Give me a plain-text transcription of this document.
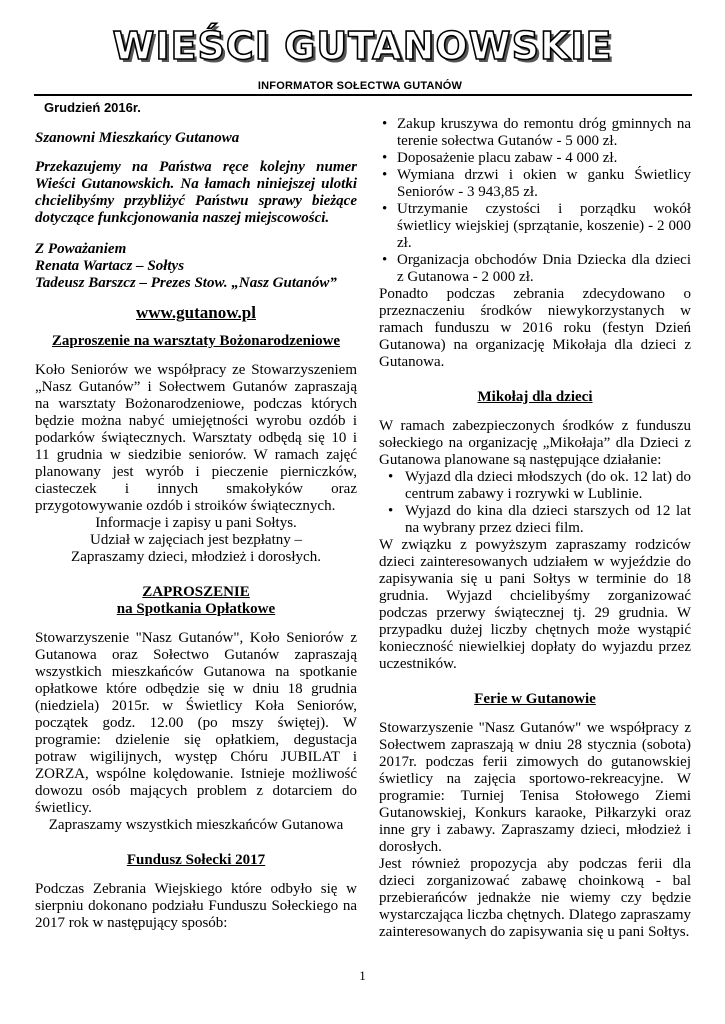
WIEŚCI GUTANOWSKIE
INFORMATOR SOŁECTWA GUTANÓW
Grudzień 2016r.

Szanowni Mieszkańcy Gutanowa

Przekazujemy na Państwa ręce kolejny numer Wieści Gutanowskich. Na łamach niniejszej ulotki chcielibyśmy przybliżyć Państwu sprawy bieżące dotyczące funkcjonowania naszej miejscowości.

Z Poważaniem

Renata Wartacz – Sołtys

Tadeusz Barszcz – Prezes Stow. „Nasz Gutanów”

www.gutanow.pl

Zaproszenie na warsztaty Bożonarodzeniowe

Koło Seniorów we współpracy ze Stowarzyszeniem „Nasz Gutanów” i Sołectwem Gutanów zapraszają na warsztaty Bożonarodzeniowe, podczas których będzie można nabyć umiejętności wyrobu ozdób i podarków świątecznych. Warsztaty odbędą się 10 i 11 grudnia w siedzibie seniorów. W ramach zajęć planowany jest wyrób i pieczenie pierniczków, ciasteczek i innych smakołyków oraz przygotowywanie ozdób i stroików świątecznych.

Informacje i zapisy u pani Sołtys.

Udział w zajęciach jest bezpłatny –

Zapraszamy dzieci, młodzież i dorosłych.

ZAPROSZENIE

na Spotkania Opłatkowe

Stowarzyszenie "Nasz Gutanów", Koło Seniorów z Gutanowa oraz Sołectwo Gutanów zapraszają wszystkich mieszkańców Gutanowa na spotkanie opłatkowe które odbędzie się w dniu 18 grudnia (niedziela) 2015r. w Świetlicy Koła Seniorów, początek godz. 12.00 (po mszy świętej). W programie: dzielenie się opłatkiem, degustacja potraw wigilijnych, występ Chóru JUBILAT i ZORZA, wspólne kolędowanie. Istnieje możliwość dowozu osób mających problem z dotarciem do świetlicy.

Zapraszamy wszystkich mieszkańców Gutanowa

Fundusz Sołecki 2017

Podczas Zebrania Wiejskiego które odbyło się w sierpniu dokonano podziału Funduszu Sołeckiego na 2017 rok w następujący sposób:

• Zakup kruszywa do remontu dróg gminnych na terenie sołectwa Gutanów - 5 000 zł.
• Doposażenie placu zabaw - 4 000 zł.
• Wymiana drzwi i okien w ganku Świetlicy Seniorów - 3 943,85 zł.
• Utrzymanie czystości i porządku wokół świetlicy wiejskiej (sprzątanie, koszenie) - 2 000 zł.
• Organizacja obchodów Dnia Dziecka dla dzieci z Gutanowa - 2 000 zł.

Ponadto podczas zebrania zdecydowano o przeznaczeniu środków niewykorzystanych w ramach funduszu w 2016 roku (festyn Dzień Gutanowa) na organizację Mikołaja dla dzieci z Gutanowa.

Mikołaj dla dzieci

W ramach zabezpieczonych środków z funduszu sołeckiego na organizację „Mikołaja” dla Dzieci z Gutanowa planowane są następujące działanie:

• Wyjazd dla dzieci młodszych (do ok. 12 lat) do centrum zabawy i rozrywki w Lublinie.
• Wyjazd do kina dla dzieci starszych od 12 lat na wybrany przez dzieci film.

W związku z powyższym zapraszamy rodziców dzieci zainteresowanych udziałem w wyjeździe do zapisywania się u pani Sołtys w terminie do 18 grudnia. Wyjazd chcielibyśmy zorganizować podczas przerwy świątecznej tj. 29 grudnia. W przypadku dużej liczby chętnych może wystąpić konieczność niewielkiej dopłaty do wyjazdu przez uczestników.

Ferie w Gutanowie

Stowarzyszenie "Nasz Gutanów" we współpracy z Sołectwem zapraszają w dniu 28 stycznia (sobota) 2017r. podczas ferii zimowych do gutanowskiej świetlicy na zajęcia sportowo-rekreacyjne. W programie: Turniej Tenisa Stołowego Ziemi Gutanowskiej, Konkurs karaoke, Piłkarzyki oraz inne gry i zabawy. Zapraszamy dzieci, młodzież i dorosłych.

Jest również propozycja aby podczas ferii dla dzieci zorganizować zabawę choinkową - bal przebierańców jednakże nie wiemy czy będzie wystarczająca liczba chętnych. Dlatego zapraszamy zainteresowanych do zapisywania się u pani Sołtys.

1
